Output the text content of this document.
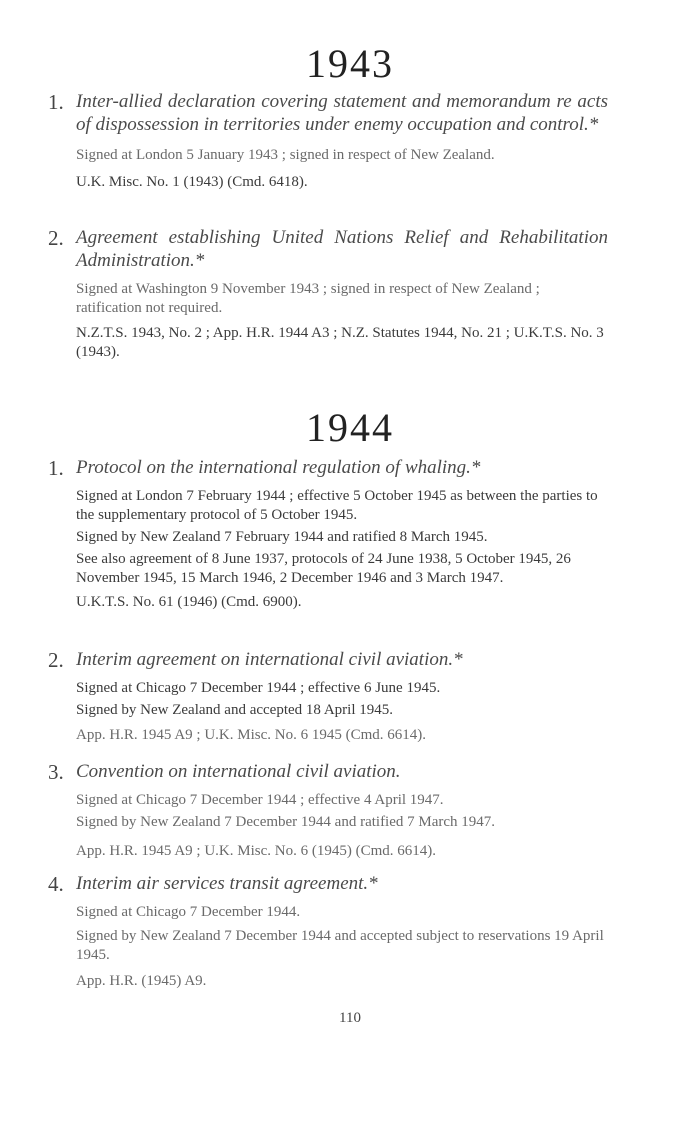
1943
1. Inter-allied declaration covering statement and memorandum re acts of dispossession in territories under enemy occupation and control.*
Signed at London 5 January 1943 ; signed in respect of New Zealand.
U.K. Misc. No. 1 (1943) (Cmd. 6418).
2. Agreement establishing United Nations Relief and Rehabilitation Administration.*
Signed at Washington 9 November 1943 ; signed in respect of New Zealand ; ratification not required.
N.Z.T.S. 1943, No. 2 ; App. H.R. 1944 A3 ; N.Z. Statutes 1944, No. 21 ; U.K.T.S. No. 3 (1943).
1944
1. Protocol on the international regulation of whaling.*
Signed at London 7 February 1944 ; effective 5 October 1945 as between the parties to the supplementary protocol of 5 October 1945.
Signed by New Zealand 7 February 1944 and ratified 8 March 1945.
See also agreement of 8 June 1937, protocols of 24 June 1938, 5 October 1945, 26 November 1945, 15 March 1946, 2 December 1946 and 3 March 1947.
U.K.T.S. No. 61 (1946) (Cmd. 6900).
2. Interim agreement on international civil aviation.*
Signed at Chicago 7 December 1944 ; effective 6 June 1945.
Signed by New Zealand and accepted 18 April 1945.
App. H.R. 1945 A9 ; U.K. Misc. No. 6 1945 (Cmd. 6614).
3. Convention on international civil aviation.
Signed at Chicago 7 December 1944 ; effective 4 April 1947.
Signed by New Zealand 7 December 1944 and ratified 7 March 1947.
App. H.R. 1945 A9 ; U.K. Misc. No. 6 (1945) (Cmd. 6614).
4. Interim air services transit agreement.*
Signed at Chicago 7 December 1944.
Signed by New Zealand 7 December 1944 and accepted subject to reservations 19 April 1945.
App. H.R. (1945) A9.
110
